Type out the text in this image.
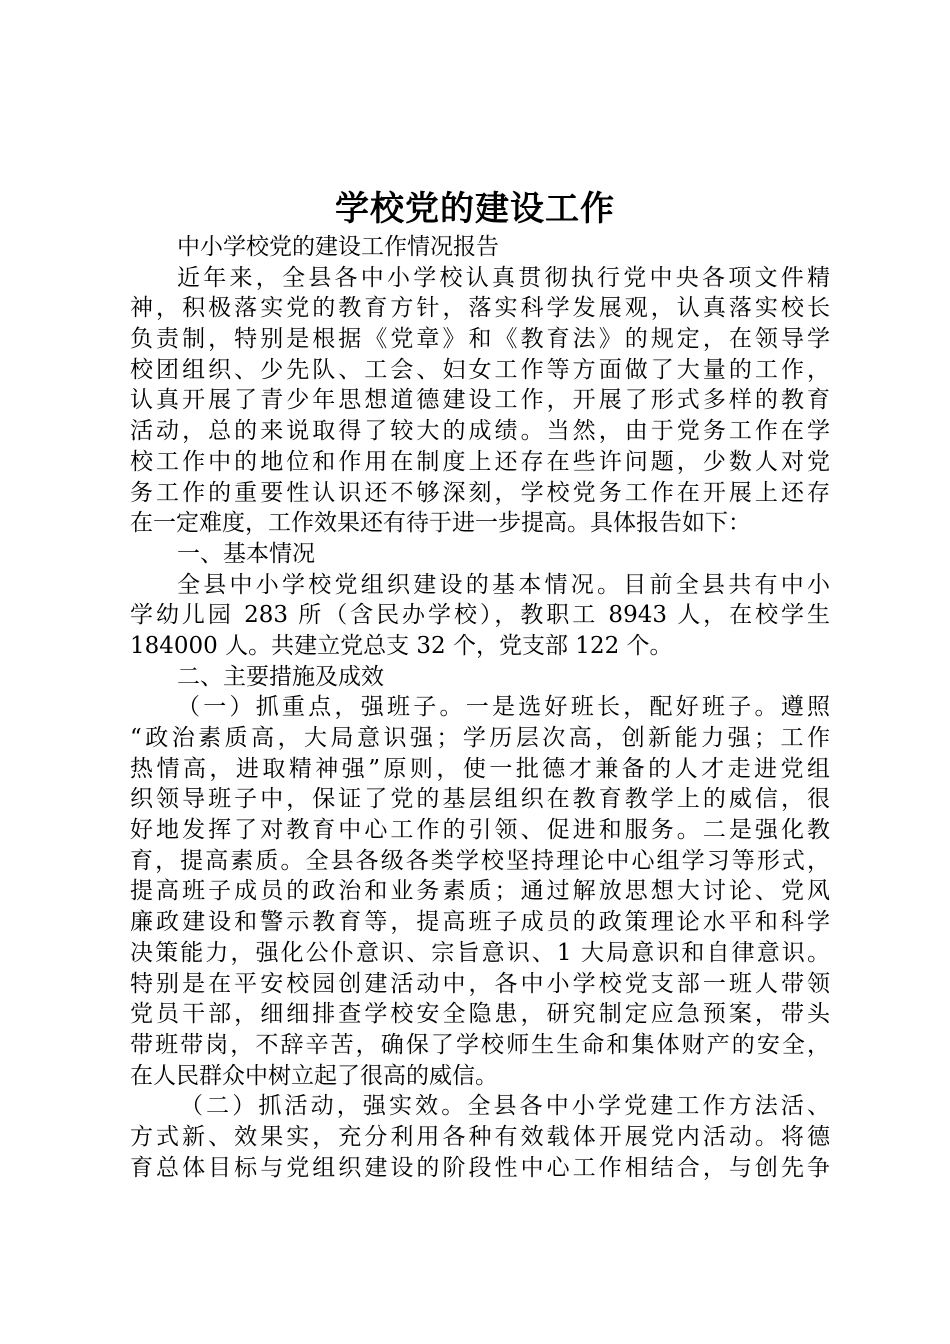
学校党的建设工作
中小学校党的建设工作情况报告
近年来，全县各中小学校认真贯彻执行党中央各项文件精
神，积极落实党的教育方针，落实科学发展观，认真落实校长
负责制，特别是根据《党章》和《教育法》的规定，在领导学
校团组织、少先队、工会、妇女工作等方面做了大量的工作，
认真开展了青少年思想道德建设工作，开展了形式多样的教育
活动，总的来说取得了较大的成绩。当然，由于党务工作在学
校工作中的地位和作用在制度上还存在些许问题，少数人对党
务工作的重要性认识还不够深刻，学校党务工作在开展上还存
在一定难度，工作效果还有待于进一步提高。具体报告如下：
一、基本情况
全县中小学校党组织建设的基本情况。目前全县共有中小
学幼儿园 283 所（含民办学校），教职工 8943 人，在校学生
184000 人。共建立党总支 32 个，党支部 122 个。
二、主要措施及成效
（一）抓重点，强班子。一是选好班长，配好班子。遵照
“政治素质高，大局意识强；学历层次高，创新能力强；工作
热情高，进取精神强”原则，使一批德才兼备的人才走进党组
织领导班子中，保证了党的基层组织在教育教学上的威信，很
好地发挥了对教育中心工作的引领、促进和服务。二是强化教
育，提高素质。全县各级各类学校坚持理论中心组学习等形式，
提高班子成员的政治和业务素质；通过解放思想大讨论、党风
廉政建设和警示教育等，提高班子成员的政策理论水平和科学
决策能力，强化公仆意识、宗旨意识、1 大局意识和自律意识。
特别是在平安校园创建活动中，各中小学校党支部一班人带领
党员干部，细细排查学校安全隐患，研究制定应急预案，带头
带班带岗，不辞辛苦，确保了学校师生生命和集体财产的安全，
在人民群众中树立起了很高的威信。
（二）抓活动，强实效。全县各中小学党建工作方法活、
方式新、效果实，充分利用各种有效载体开展党内活动。将德
育总体目标与党组织建设的阶段性中心工作相结合，与创先争
